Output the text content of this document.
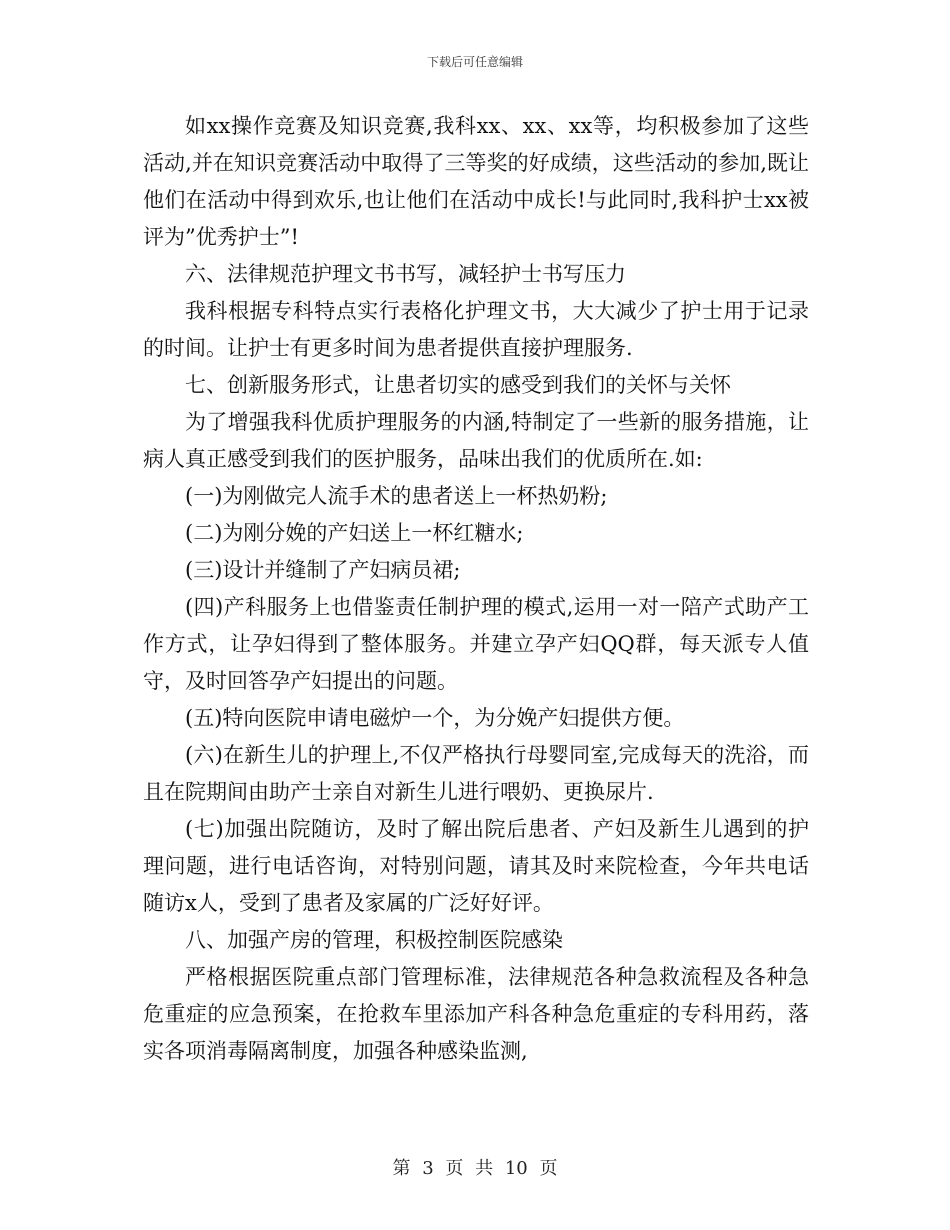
下载后可任意编辑

如xx操作竞赛及知识竞赛,我科xx、xx、xx等，均积极参加了这些活动,并在知识竞赛活动中取得了三等奖的好成绩，这些活动的参加,既让他们在活动中得到欢乐,也让他们在活动中成长!与此同时,我科护士xx被评为”优秀护士”!

六、法律规范护理文书书写，减轻护士书写压力

我科根据专科特点实行表格化护理文书，大大减少了护士用于记录的时间。让护士有更多时间为患者提供直接护理服务.

七、创新服务形式，让患者切实的感受到我们的关怀与关怀

为了增强我科优质护理服务的内涵,特制定了一些新的服务措施，让病人真正感受到我们的医护服务，品味出我们的优质所在.如:

(一)为刚做完人流手术的患者送上一杯热奶粉;

(二)为刚分娩的产妇送上一杯红糖水;

(三)设计并缝制了产妇病员裙;

(四)产科服务上也借鉴责任制护理的模式,运用一对一陪产式助产工作方式，让孕妇得到了整体服务。并建立孕产妇QQ群，每天派专人值守，及时回答孕产妇提出的问题。

(五)特向医院申请电磁炉一个，为分娩产妇提供方便。

(六)在新生儿的护理上,不仅严格执行母婴同室,完成每天的洗浴，而且在院期间由助产士亲自对新生儿进行喂奶、更换尿片.

(七)加强出院随访，及时了解出院后患者、产妇及新生儿遇到的护理问题，进行电话咨询，对特别问题，请其及时来院检查，今年共电话随访x人，受到了患者及家属的广泛好好评。

八、加强产房的管理，积极控制医院感染

严格根据医院重点部门管理标准，法律规范各种急救流程及各种急危重症的应急预案，在抢救车里添加产科各种急危重症的专科用药，落实各项消毒隔离制度，加强各种感染监测,

第 3 页 共 10 页
